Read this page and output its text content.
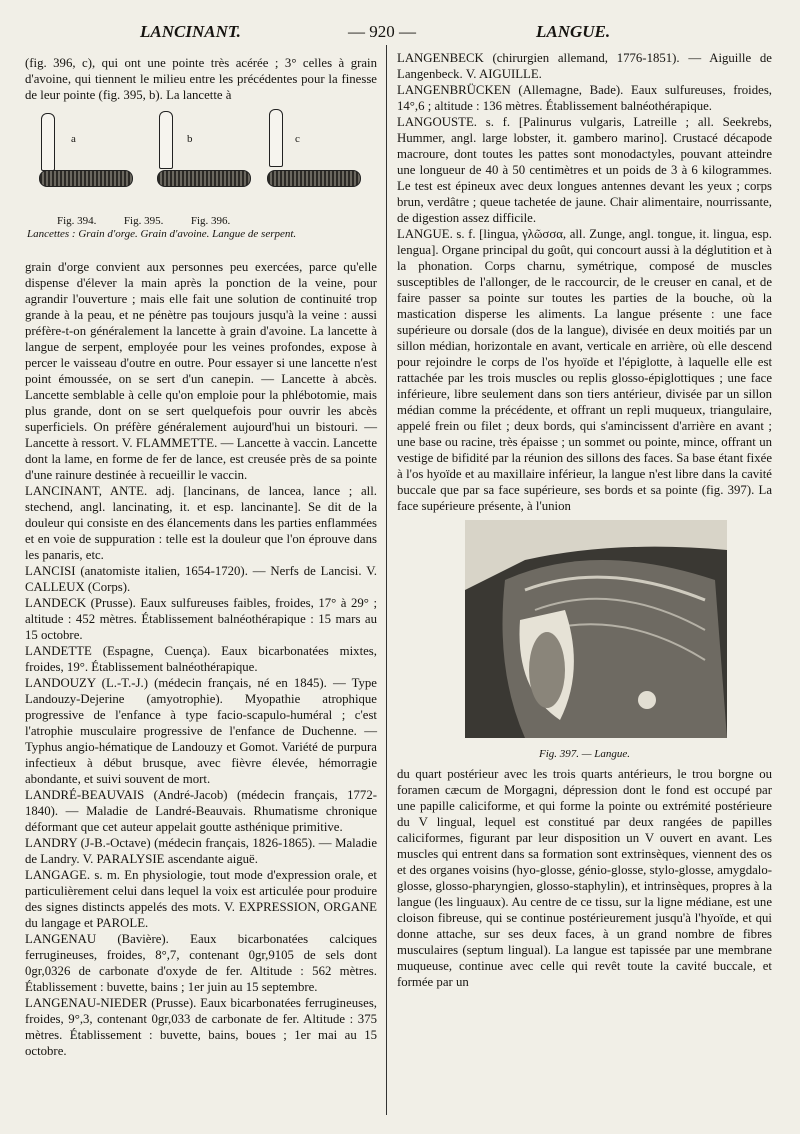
LANCINANT.	— 920 —	LANGUE.

(fig. 396, c), qui ont une pointe très acérée ; 3° celles à grain d'avoine, qui tiennent le milieu entre les précédentes pour la finesse de leur pointe (fig. 395, b). La lancette à

a	b	c
Fig. 394.          Fig. 395.          Fig. 396.
Lancettes : Grain d'orge. Grain d'avoine. Langue de serpent.

grain d'orge convient aux personnes peu exercées, parce qu'elle dispense d'élever la main après la ponction de la veine, pour agrandir l'ouverture ; mais elle fait une solution de continuité trop grande à la peau, et ne pénètre pas toujours jusqu'à la veine : aussi préfère-t-on généralement la lancette à grain d'avoine. La lancette à langue de serpent, employée pour les veines profondes, expose à percer le vaisseau d'outre en outre. Pour essayer si une lancette n'est point émoussée, on se sert d'un canepin. — Lancette à abcès. Lancette semblable à celle qu'on emploie pour la phlébotomie, mais plus grande, dont on se sert quelquefois pour ouvrir les abcès superficiels. On préfère généralement aujourd'hui un bistouri. — Lancette à ressort. V. FLAMMETTE. — Lancette à vaccin. Lancette dont la lame, en forme de fer de lance, est creusée près de sa pointe d'une rainure destinée à recueillir le vaccin.

LANCINANT, ANTE. adj. [lancinans, de lancea, lance ; all. stechend, angl. lancinating, it. et esp. lancinante]. Se dit de la douleur qui consiste en des élancements dans les parties enflammées et en voie de suppuration : telle est la douleur que l'on éprouve dans les panaris, etc.

LANCISI (anatomiste italien, 1654-1720). — Nerfs de Lancisi. V. CALLEUX (Corps).

LANDECK (Prusse). Eaux sulfureuses faibles, froides, 17° à 29° ; altitude : 452 mètres. Établissement balnéothérapique : 15 mars au 15 octobre.

LANDETTE (Espagne, Cuença). Eaux bicarbonatées mixtes, froides, 19°. Établissement balnéothérapique.

LANDOUZY (L.-T.-J.) (médecin français, né en 1845). — Type Landouzy-Dejerine (amyotrophie). Myopathie atrophique progressive de l'enfance à type facio-scapulo-huméral ; c'est l'atrophie musculaire progressive de l'enfance de Duchenne. — Typhus angio-hématique de Landouzy et Gomot. Variété de purpura infectieux à début brusque, avec fièvre élevée, hémorragie abondante, et suivi souvent de mort.

LANDRÉ-BEAUVAIS (André-Jacob) (médecin français, 1772-1840). — Maladie de Landré-Beauvais. Rhumatisme chronique déformant que cet auteur appelait goutte asthénique primitive.

LANDRY (J-B.-Octave) (médecin français, 1826-1865). — Maladie de Landry. V. PARALYSIE ascendante aiguë.

LANGAGE. s. m. En physiologie, tout mode d'expression orale, et particulièrement celui dans lequel la voix est articulée pour produire des signes distincts appelés des mots. V. EXPRESSION, ORGANE du langage et PAROLE.

LANGENAU (Bavière). Eaux bicarbonatées calciques ferrugineuses, froides, 8°,7, contenant 0gr,9105 de sels dont 0gr,0326 de carbonate d'oxyde de fer. Altitude : 562 mètres. Établissement : buvette, bains ; 1er juin au 15 septembre.

LANGENAU-NIEDER (Prusse). Eaux bicarbonatées ferrugineuses, froides, 9°,3, contenant 0gr,033 de carbonate de fer. Altitude : 375 mètres. Établissement : buvette, bains, boues ; 1er mai au 15 octobre.

LANGENBECK (chirurgien allemand, 1776-1851). — Aiguille de Langenbeck. V. AIGUILLE.

LANGENBRÜCKEN (Allemagne, Bade). Eaux sulfureuses, froides, 14°,6 ; altitude : 136 mètres. Établissement balnéothérapique.

LANGOUSTE. s. f. [Palinurus vulgaris, Latreille ; all. Seekrebs, Hummer, angl. large lobster, it. gambero marino]. Crustacé décapode macroure, dont toutes les pattes sont monodactyles, pouvant atteindre une longueur de 40 à 50 centimètres et un poids de 3 à 6 kilogrammes. Le test est épineux avec deux longues antennes devant les yeux ; corps brun, verdâtre ; queue tachetée de jaune. Chair alimentaire, nourrissante, de digestion assez difficile.

LANGUE. s. f. [lingua, γλῶσσα, all. Zunge, angl. tongue, it. lingua, esp. lengua]. Organe principal du goût, qui concourt aussi à la déglutition et à la phonation. Corps charnu, symétrique, composé de muscles susceptibles de l'allonger, de le raccourcir, de le creuser en canal, et de faire passer sa pointe sur toutes les parties de la bouche, où la mastication disperse les aliments. La langue présente : une face supérieure ou dorsale (dos de la langue), divisée en deux moitiés par un sillon médian, horizontale en avant, verticale en arrière, où elle descend pour rejoindre le corps de l'os hyoïde et l'épiglotte, à laquelle elle est rattachée par les trois muscles ou replis glosso-épiglottiques ; une face inférieure, libre seulement dans son tiers antérieur, divisée par un sillon médian comme la précédente, et offrant un repli muqueux, triangulaire, appelé frein ou filet ; deux bords, qui s'amincissent d'arrière en avant ; une base ou racine, très épaisse ; un sommet ou pointe, mince, offrant un vestige de bifidité par la réunion des sillons des faces. Sa base étant fixée à l'os hyoïde et au maxillaire inférieur, la langue n'est libre dans la cavité buccale que par sa face supérieure, ses bords et sa pointe (fig. 397). La face supérieure présente, à l'union

Fig. 397. — Langue.

du quart postérieur avec les trois quarts antérieurs, le trou borgne ou foramen cæcum de Morgagni, dépression dont le fond est occupé par une papille caliciforme, et qui forme la pointe ou extrémité postérieure du V lingual, lequel est constitué par deux rangées de papilles caliciformes, figurant par leur disposition un V ouvert en avant. Les muscles qui entrent dans sa formation sont extrinsèques, viennent des os et des organes voisins (hyo-glosse, génio-glosse, stylo-glosse, amygdalo-glosse, glosso-pharyngien, glosso-staphylin), et intrinsèques, propres à la langue (les linguaux). Au centre de ce tissu, sur la ligne médiane, est une cloison fibreuse, qui se continue postérieurement jusqu'à l'hyoïde, et qui donne attache, sur ses deux faces, à un grand nombre de fibres musculaires (septum lingual). La langue est tapissée par une membrane muqueuse, continue avec celle qui revêt toute la cavité buccale, et formée par un
